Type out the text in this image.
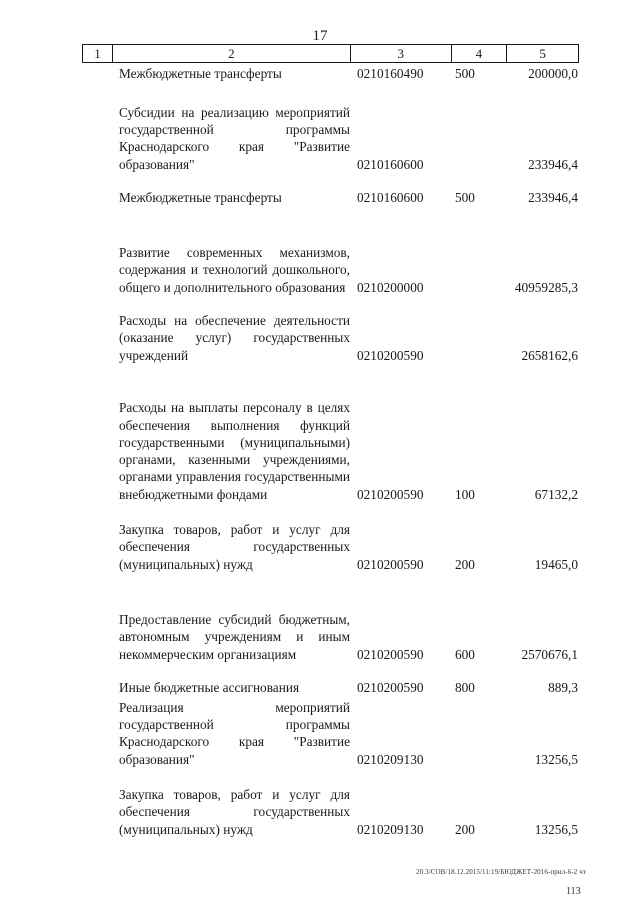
17
1	2	3	4	5
Межбюджетные трансферты	0210160490 500	200000,0
Субсидии на реализацию мероприятий государственной программы Краснодарского края "Развитие образования"	0210160600	233946,4
Межбюджетные трансферты	0210160600 500	233946,4
Развитие современных механизмов, содержания и технологий дошкольного, общего и дополнительного образования 0210200000	40959285,3
Расходы на обеспечение деятельности (оказание услуг) государственных учреждений	0210200590	2658162,6
Расходы на выплаты персоналу в целях обеспечения выполнения функций государственными (муниципальными) органами, казенными учреждениями, органами управления государственными внебюджетными фондами	0210200590 100	67132,2
Закупка товаров, работ и услуг для обеспечения государственных (муниципальных) нужд	0210200590 200	19465,0
Предоставление субсидий бюджетным, автономным учреждениям и иным некоммерческим организациям	0210200590 600	2570676,1
Иные бюджетные ассигнования	0210200590 800	889,3
Реализация мероприятий государственной программы Краснодарского края "Развитие образования"	0210209130	13256,5
Закупка товаров, работ и услуг для обеспечения государственных (муниципальных) нужд	0210209130 200	13256,5
20.3/СОВ/18.12.2015/11:19/БЮДЖЕТ-2016-прил-6-2 чт
113
